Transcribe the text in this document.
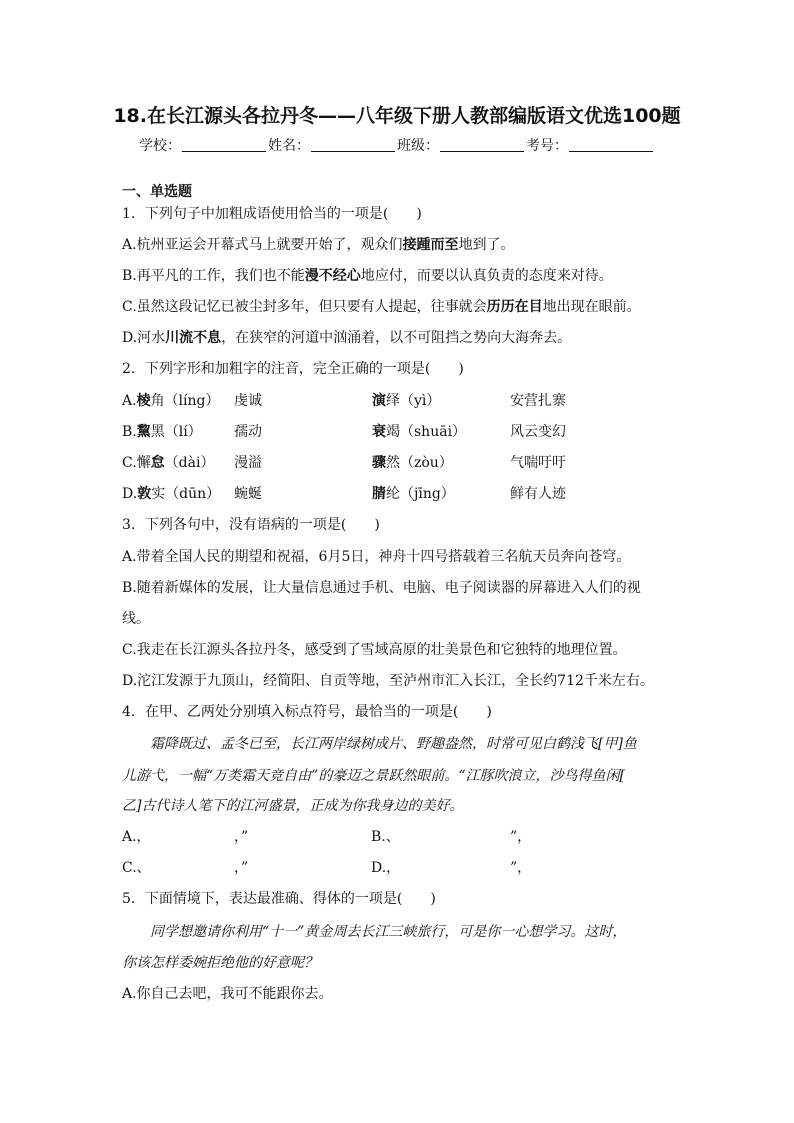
18.在长江源头各拉丹冬——八年级下册人教部编版语文优选100题
学校：	姓名：	班级：	考号：
一、单选题
1．下列句子中加粗成语使用恰当的一项是(　　)
A.杭州亚运会开幕式马上就要开始了，观众们接踵而至地到了。
B.再平凡的工作，我们也不能漫不经心地应付，而要以认真负责的态度来对待。
C.虽然这段记忆已被尘封多年，但只要有人提起，往事就会历历在目地出现在眼前。
D.河水川流不息，在狭窄的河道中汹涌着，以不可阻挡之势向大海奔去。
2．下列字形和加粗字的注音，完全正确的一项是(　　)
A.棱角（líng） 虔诚	演绎（yì）	安营扎寨
B.黧黑（lí） 孺动	衰竭（shuāi）	风云变幻
C.懈怠（dài） 漫溢	骤然（zòu）	气喘吁吁
D.敦实（dūn） 蜿蜒	腈纶（jīng）	鲜有人迹
3．下列各句中，没有语病的一项是(　　)
A.带着全国人民的期望和祝福，6月5日，神舟十四号搭载着三名航天员奔向苍穹。
B.随着新媒体的发展，让大量信息通过手机、电脑、电子阅读器的屏幕进入人们的视
线。
C.我走在长江源头各拉丹冬，感受到了雪域高原的壮美景色和它独特的地理位置。
D.沱江发源于九顶山，经简阳、自贡等地，至泸州市汇入长江，全长约712千米左右。
4．在甲、乙两处分别填入标点符号，最恰当的一项是(　　)
霜降既过、孟冬已至，长江两岸绿树成片、野趣盎然，时常可见白鹤浅飞[甲]鱼
儿游弋，一幅“万类霜天竞自由”的豪迈之景跃然眼前。“江豚吹浪立，沙鸟得鱼闲[
乙]古代诗人笔下的江河盛景，正成为你我身边的美好。
A.，	，”	B.、	”，
C.、	，”	D.，	”，
5．下面情境下，表达最准确、得体的一项是(　　)
同学想邀请你利用“十一”黄金周去长江三峡旅行，可是你一心想学习。这时，
你该怎样委婉拒绝他的好意呢？
A.你自己去吧，我可不能跟你去。
